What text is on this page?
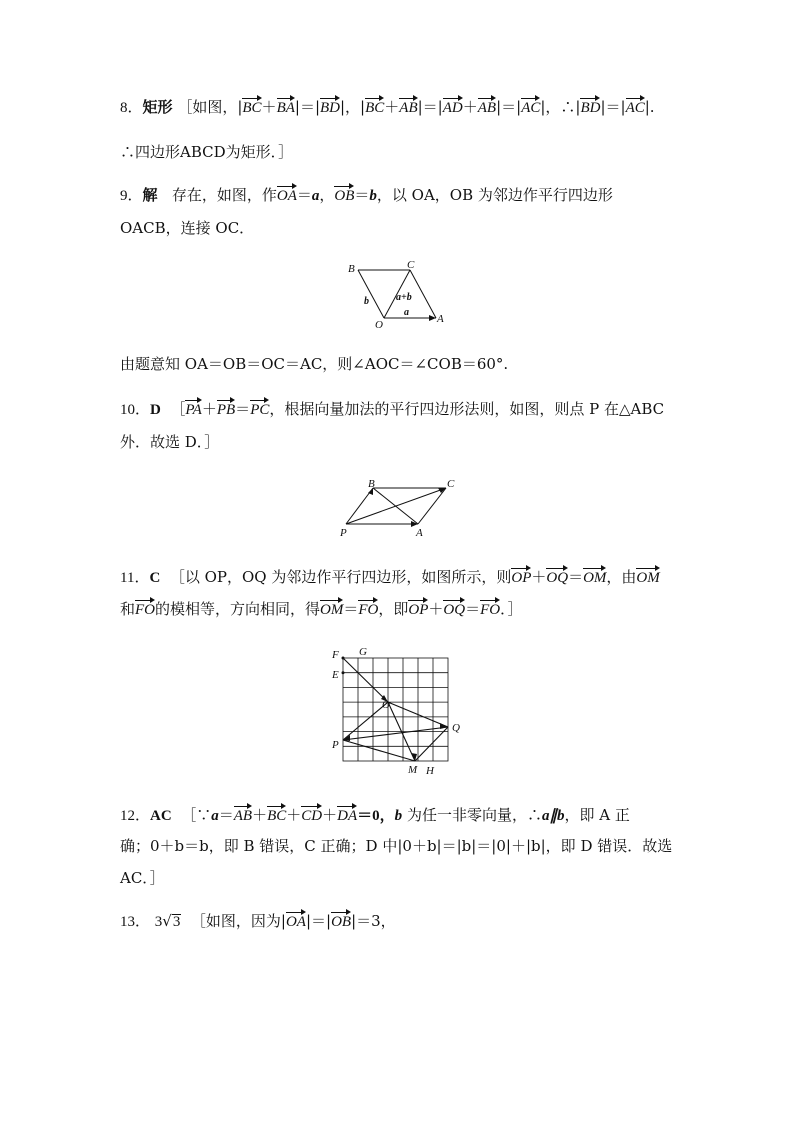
8．矩形 ［如图，|BC＋BA|＝|BD|，|BC＋AB|＝|AD＋AB|＝|AC|，∴|BD|＝|AC|.
∴四边形ABCD为矩形．］
9．解 存在，如图，作OA＝a，OB＝b，以 OA，OB 为邻边作平行四边形
OACB，连接 OC．
B	C
O	A
a
b	a+b
由题意知 OA＝OB＝OC＝AC，则∠AOC＝∠COB＝60°.
10．D ［PA＋PB＝PC，根据向量加法的平行四边形法则，如图，则点 P 在△ABC
外．故选 D．］
B	C
P	A
11．C ［以 OP，OQ 为邻边作平行四边形，如图所示，则OP＋OQ＝OM，由OM
和FO的模相等，方向相同，得OM＝FO，即OP＋OQ＝FO．］
F G
E
O
Q
P
M H
12．AC ［∵a＝AB＋BC＋CD＋DA＝0，b 为任一非零向量，∴a∥b，即 A 正
确；0＋b＝b，即 B 错误，C 正确；D 中|0＋b|＝|b|＝|0|＋|b|，即 D 错误．故选
AC．］
13． 3√3 ［如图，因为|OA|＝|OB|＝3，
